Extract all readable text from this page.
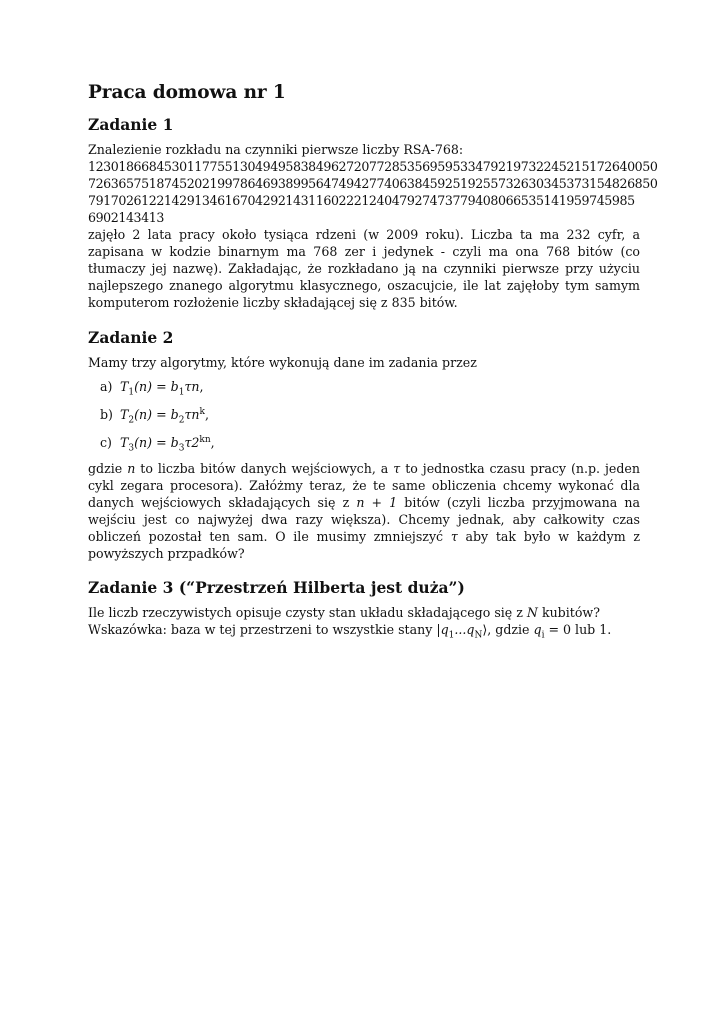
Praca domowa nr 1
Zadanie 1

Znalezienie rozkładu na czynniki pierwsze liczby RSA-768:

123018668453011775513049495838496272077285356959533479219732245215172640050
726365751874520219978646938995647494277406384592519255732630345373154826850
791702612214291346167042921431160222124047927473779408066535141959745985
6902143413

zajęło 2 lata pracy około tysiąca rdzeni (w 2009 roku). Liczba ta ma 232 cyfr, a zapisana w kodzie binarnym ma 768 zer i jedynek - czyli ma ona 768 bitów (co tłumaczy jej nazwę). Zakładając, że rozkładano ją na czynniki pierwsze przy użyciu najlepszego znanego algorytmu klasycznego, oszacujcie, ile lat zajęłoby tym samym komputerom rozłożenie liczby składającej się z 835 bitów.

Zadanie 2

Mamy trzy algorytmy, które wykonują dane im zadania przez

a) $T_1(n) = b_1\tau n$,
b) $T_2(n) = b_2\tau n^k$,
c) $T_3(n) = b_3\tau 2^{kn}$,

gdzie n to liczba bitów danych wejściowych, a τ to jednostka czasu pracy (n.p. jeden cykl zegara procesora). Załóżmy teraz, że te same obliczenia chcemy wykonać dla danych wejściowych składających się z n + 1 bitów (czyli liczba przyjmowana na wejściu jest co najwyżej dwa razy większa). Chcemy jednak, aby całkowity czas obliczeń pozostał ten sam. O ile musimy zmniejszyć τ aby tak było w każdym z powyższych przpadków?

Zadanie 3 (“Przestrzeń Hilberta jest duża”)

Ile liczb rzeczywistych opisuje czysty stan układu składającego się z N kubitów?

Wskazówka: baza w tej przestrzeni to wszystkie stany $|q_1...q_N⟩$, gdzie $q_i = 0$ lub 1.
